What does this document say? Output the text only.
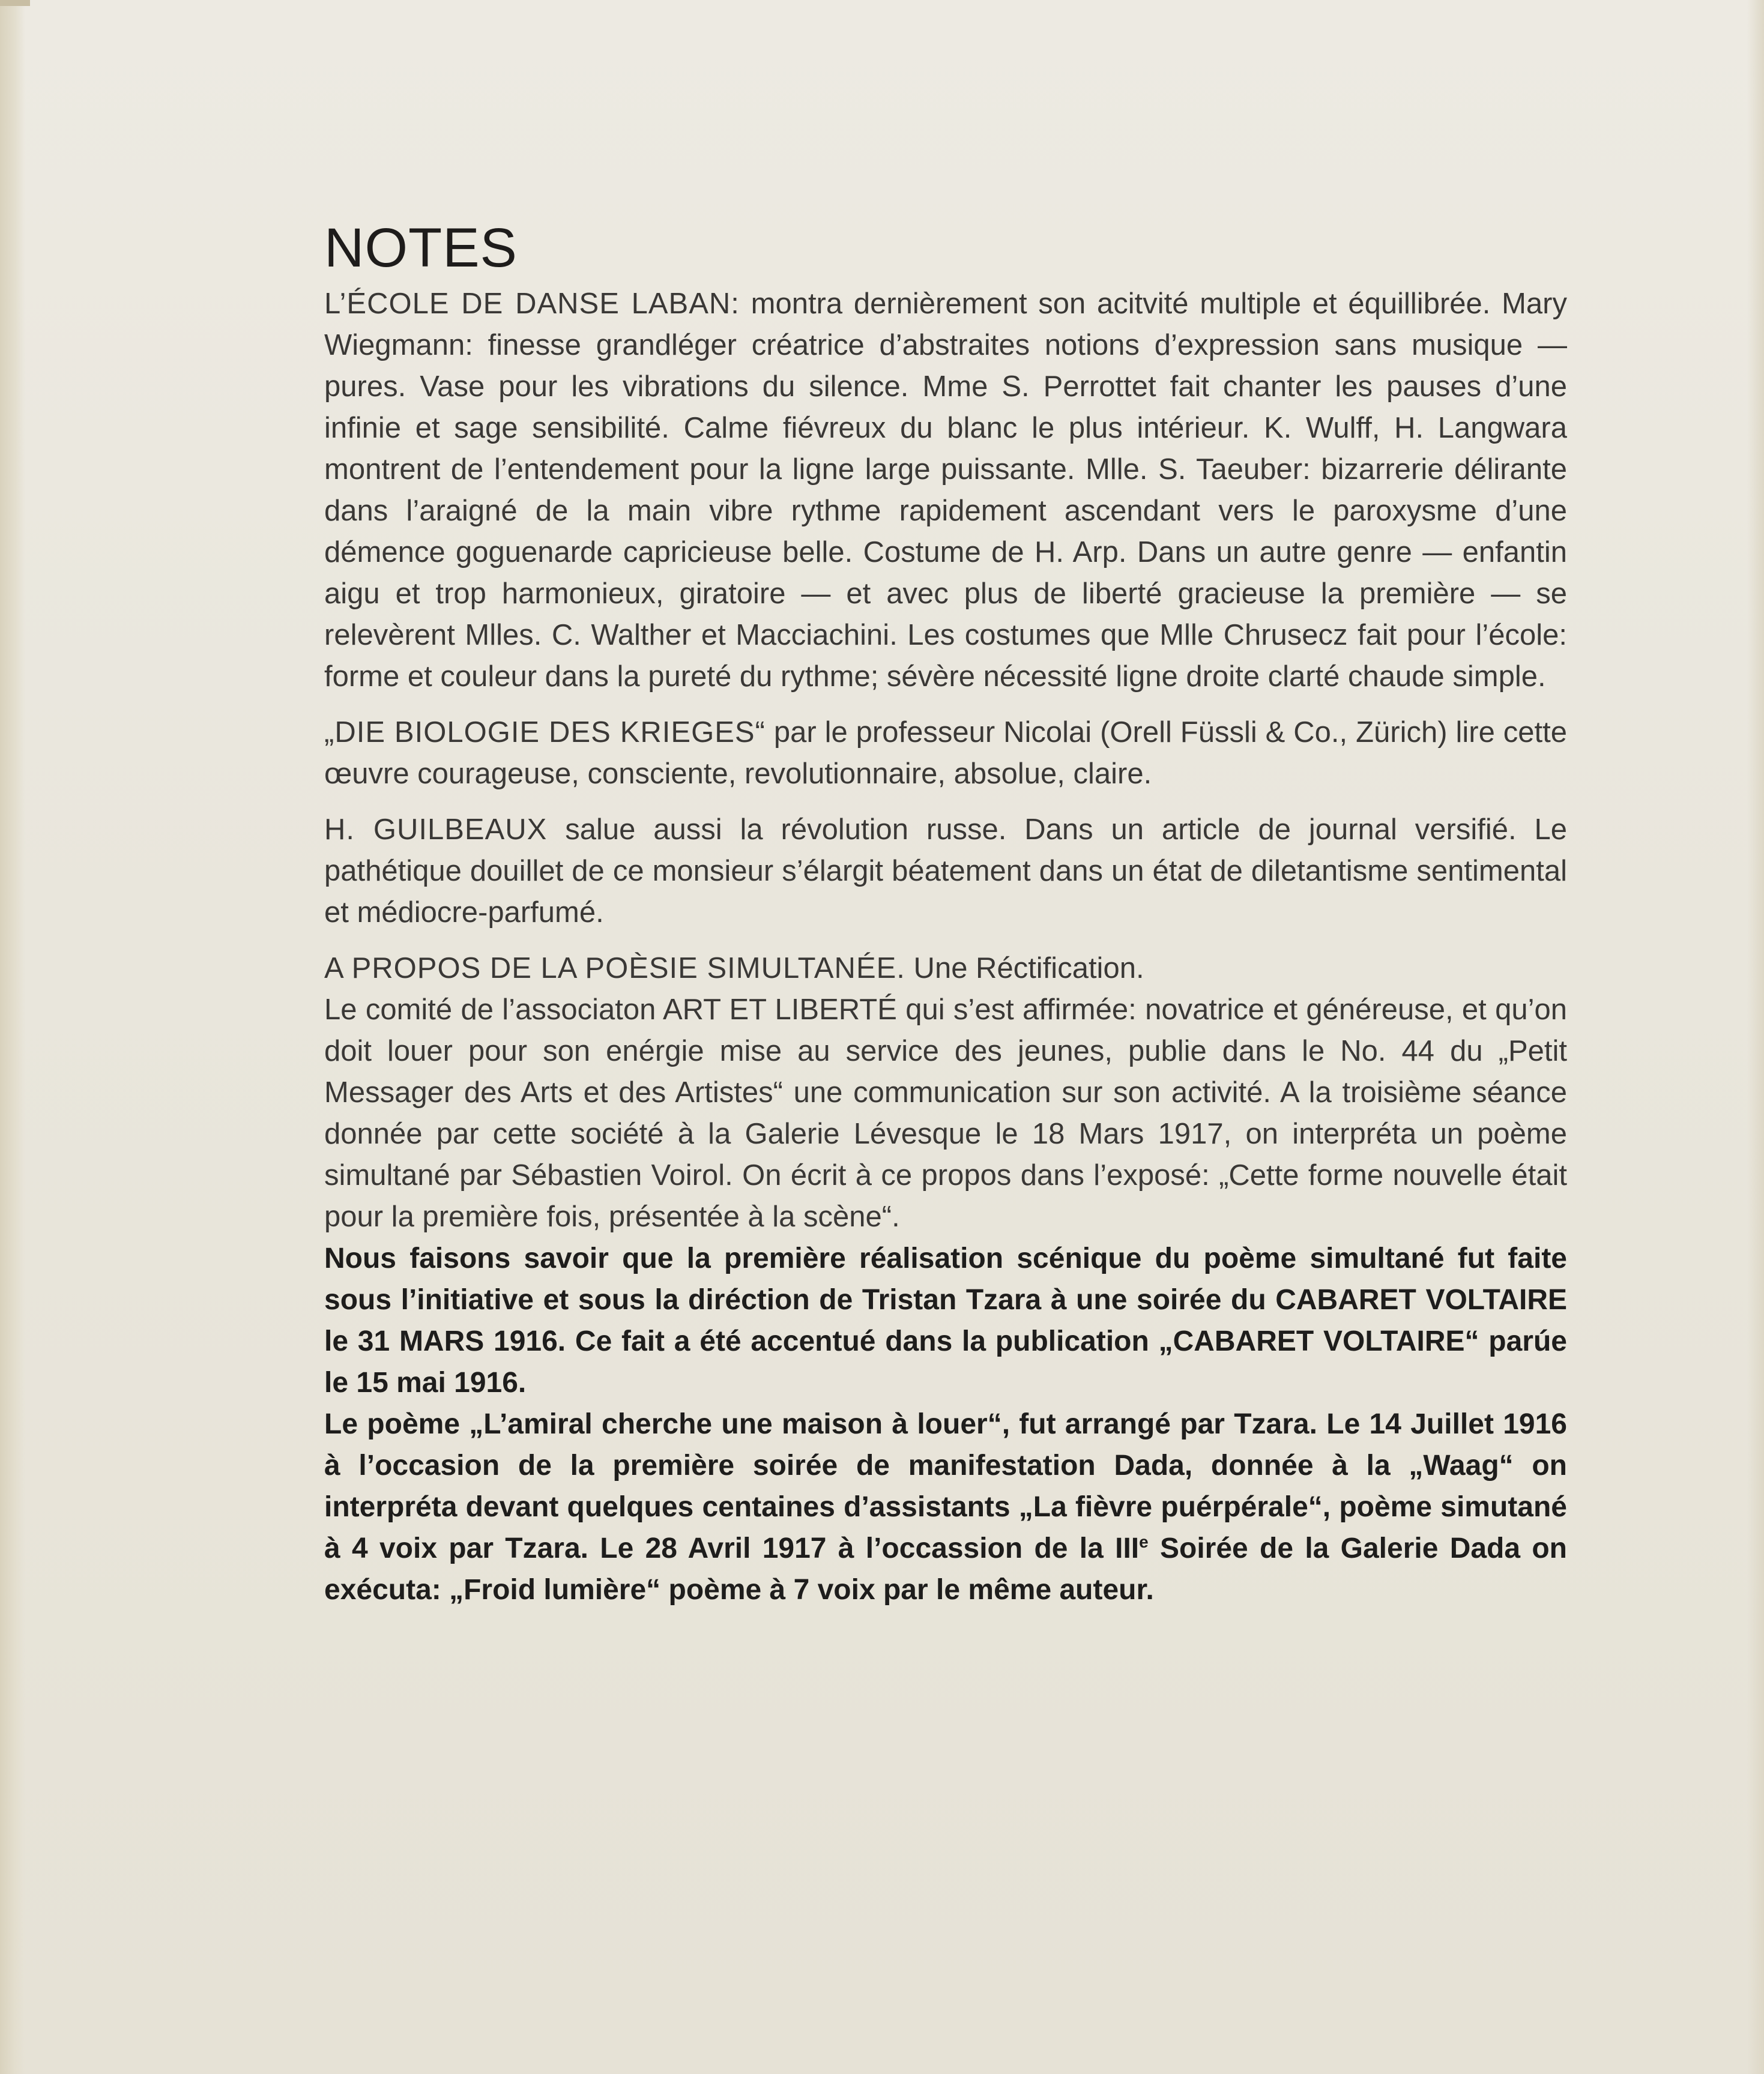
NOTES

L’ÉCOLE DE DANSE LABAN: montra dernièrement son acitvité multiple et équillibrée. Mary Wiegmann: finesse grandléger créatrice d’abstraites notions d’expression sans musique — pures. Vase pour les vibrations du silence. Mme S. Perrottet fait chanter les pauses d’une infinie et sage sensibilité. Calme fiévreux du blanc le plus intérieur. K. Wulff, H. Langwara montrent de l’entendement pour la ligne large puissante. Mlle. S. Taeuber: bizarrerie délirante dans l’araigné de la main vibre rythme rapidement ascendant vers le paroxysme d’une démence goguenarde capricieuse belle. Costume de H. Arp. Dans un autre genre — enfantin aigu et trop harmonieux, giratoire — et avec plus de liberté gracieuse la première — se relevèrent Mlles. C. Walther et Macciachini. Les costumes que Mlle Chrusecz fait pour l’école: forme et couleur dans la pureté du rythme; sévère nécessité ligne droite clarté chaude simple.

„DIE BIOLOGIE DES KRIEGES“ par le professeur Nicolai (Orell Füssli & Co., Zürich) lire cette œuvre courageuse, consciente, revolutionnaire, absolue, claire.

H. GUILBEAUX salue aussi la révolution russe. Dans un article de journal versifié. Le pathétique douillet de ce monsieur s’élargit béatement dans un état de diletantisme sentimental et médiocre-parfumé.

A PROPOS DE LA POÈSIE SIMULTANÉE. Une Réctification.

Le comité de l’associaton ART ET LIBERTÉ qui s’est affirmée: novatrice et généreuse, et qu’on doit louer pour son enérgie mise au service des jeunes, publie dans le No. 44 du „Petit Messager des Arts et des Artistes“ une communication sur son activité. A la troisième séance donnée par cette société à la Galerie Lévesque le 18 Mars 1917, on interpréta un poème simultané par Sébastien Voirol. On écrit à ce propos dans l’exposé: „Cette forme nouvelle était pour la première fois, présentée à la scène“.

Nous faisons savoir que la première réalisation scénique du poème simultané fut faite sous l’initiative et sous la diréction de Tristan Tzara à une soirée du CABARET VOLTAIRE le 31 MARS 1916. Ce fait a été accentué dans la publication „CABARET VOLTAIRE“ parúe le 15 mai 1916.

Le poème „L’amiral cherche une maison à louer“, fut arrangé par Tzara. Le 14 Juillet 1916 à l’occasion de la première soirée de manifestation Dada, donnée à la „Waag“ on interpréta devant quelques centaines d’assistants „La fièvre puérpérale“, poème simutané à 4 voix par Tzara. Le 28 Avril 1917 à l’occassion de la IIIe Soirée de la Galerie Dada on exécuta: „Froid lumière“ poème à 7 voix par le même auteur.
